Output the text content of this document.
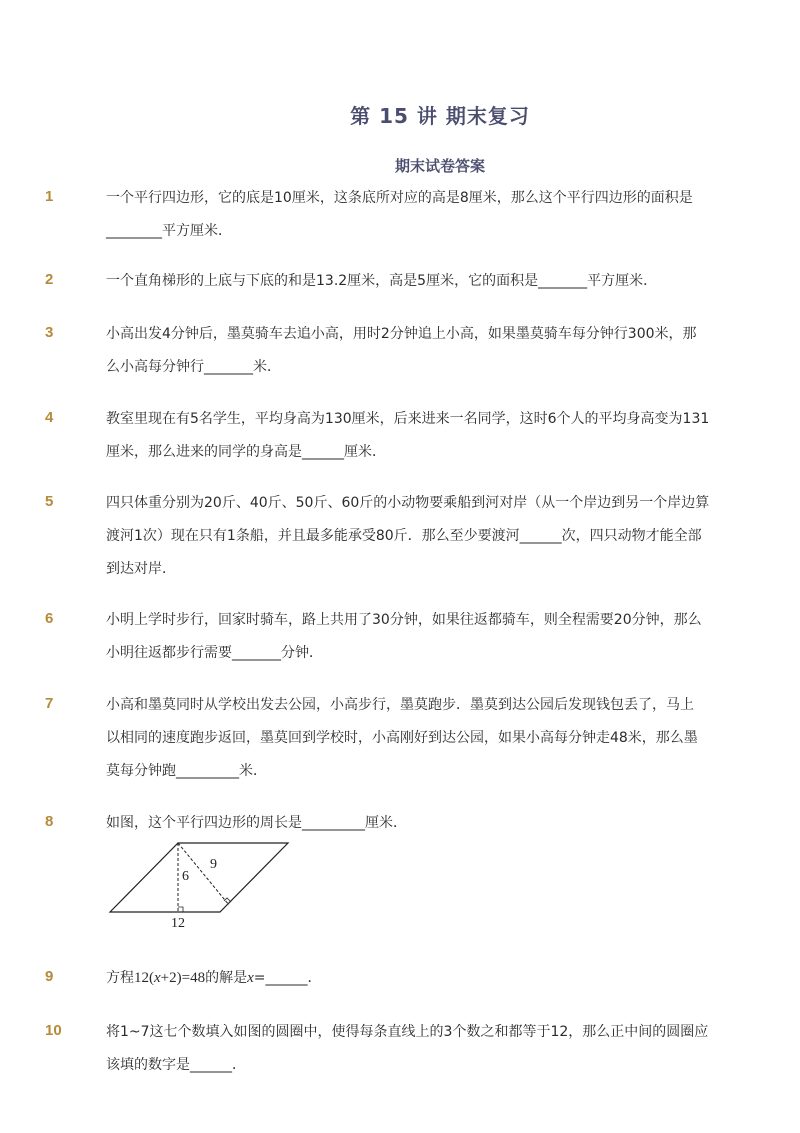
第 15 讲 期末复习
期末试卷答案
1	一个平行四边形，它的底是10厘米，这条底所对应的高是8厘米，那么这个平行四边形的面积是
________平方厘米．
2	一个直角梯形的上底与下底的和是13.2厘米，高是5厘米，它的面积是_______平方厘米．
3	小高出发4分钟后，墨莫骑车去追小高，用时2分钟追上小高，如果墨莫骑车每分钟行300米，那
么小高每分钟行_______米．
4	教室里现在有5名学生，平均身高为130厘米，后来进来一名同学，这时6个人的平均身高变为131
厘米，那么进来的同学的身高是______厘米．
5	四只体重分别为20斤、40斤、50斤、60斤的小动物要乘船到河对岸（从一个岸边到另一个岸边算
渡河1次）现在只有1条船，并且最多能承受80斤．那么至少要渡河______次，四只动物才能全部
到达对岸．
6	小明上学时步行，回家时骑车，路上共用了30分钟，如果往返都骑车，则全程需要20分钟，那么
小明往返都步行需要_______分钟．
7	小高和墨莫同时从学校出发去公园，小高步行，墨莫跑步．墨莫到达公园后发现钱包丢了，马上
以相同的速度跑步返回，墨莫回到学校时，小高刚好到达公园，如果小高每分钟走48米，那么墨
莫每分钟跑_________米．
8	如图，这个平行四边形的周长是_________厘米．
9
6
12
9	方程12(x+2)=48的解是x=______．
10	将1~7这七个数填入如图的圆圈中，使得每条直线上的3个数之和都等于12，那么正中间的圆圈应
该填的数字是______．
